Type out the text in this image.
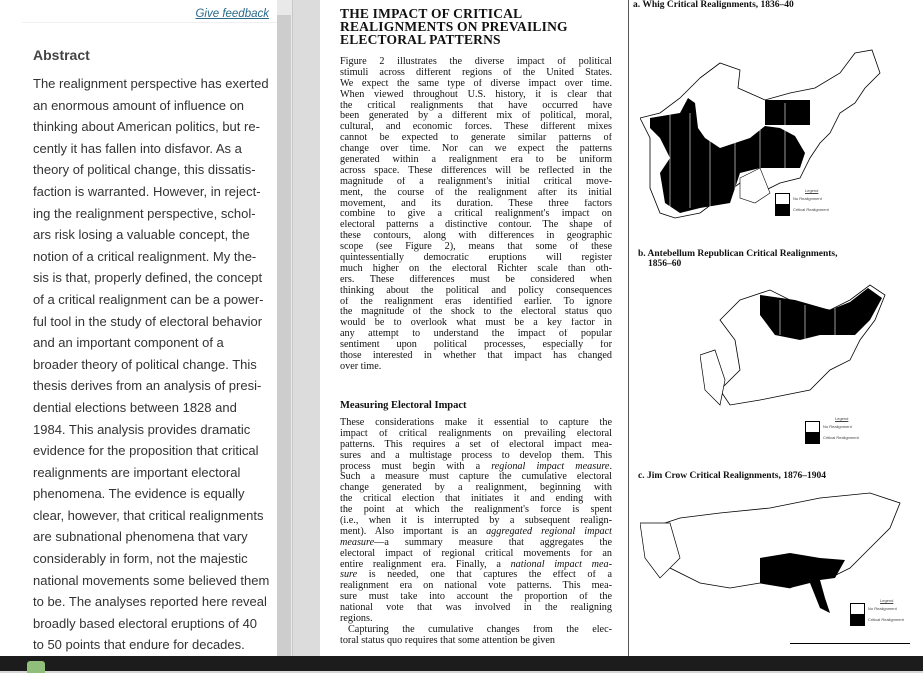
Give feedback
Abstract
The realignment perspective has exerted
an enormous amount of influence on
thinking about American politics, but re-
cently it has fallen into disfavor. As a
theory of political change, this dissatis-
faction is warranted. However, in reject-
ing the realignment perspective, schol-
ars risk losing a valuable concept, the
notion of a critical realignment. My the-
sis is that, properly defined, the concept
of a critical realignment can be a power-
ful tool in the study of electoral behavior
and an important component of a
broader theory of political change. This
thesis derives from an analysis of presi-
dential elections between 1828 and
1984. This analysis provides dramatic
evidence for the proposition that critical
realignments are important electoral
phenomena. The evidence is equally
clear, however, that critical realignments
are subnational phenomena that vary
considerably in form, not the majestic
national movements some believed them
to be. The analyses reported here reveal
broadly based electoral eruptions of 40
to 50 points that endure for decades.
THE IMPACT OF CRITICAL
REALIGNMENTS ON PREVAILING
ELECTORAL PATTERNS
Figure 2 illustrates the diverse impact of political
stimuli across different regions of the United States.
We expect the same type of diverse impact over time.
When viewed throughout U.S. history, it is clear that
the critical realignments that have occurred have
been generated by a different mix of political, moral,
cultural, and economic forces. These different mixes
cannot be expected to generate similar patterns of
change over time. Nor can we expect the patterns
generated within a realignment era to be uniform
across space. These differences will be reflected in the
magnitude of a realignment's initial critical move-
ment, the course of the realignment after its initial
movement, and its duration. These three factors
combine to give a critical realignment's impact on
electoral patterns a distinctive contour. The shape of
these contours, along with differences in geographic
scope (see Figure 2), means that some of these
quintessentially democratic eruptions will register
much higher on the electoral Richter scale than oth-
ers. These differences must be considered when
thinking about the political and policy consequences
of the realignment eras identified earlier. To ignore
the magnitude of the shock to the electoral status quo
would be to overlook what must be a key factor in
any attempt to understand the impact of popular
sentiment upon political processes, especially for
those interested in whether that impact has changed
over time.
Measuring Electoral Impact
These considerations make it essential to capture the
impact of critical realignments on prevailing electoral
patterns. This requires a set of electoral impact mea-
sures and a multistage process to develop them. This
process must begin with a regional impact measure.
Such a measure must capture the cumulative electoral
change generated by a realignment, beginning with
the critical election that initiates it and ending with
the point at which the realignment's force is spent
(i.e., when it is interrupted by a subsequent realign-
ment). Also important is an aggregated regional impact
measure—a summary measure that aggregates the
electoral impact of regional critical movements for an
entire realignment era. Finally, a national impact mea-
sure is needed, one that captures the effect of a
realignment era on national vote patterns. This mea-
sure must take into account the proportion of the
national vote that was involved in the realigning
regions.
Capturing the cumulative changes from the elec-
toral status quo requires that some attention be given
a. Whig Critical Realignments, 1836–40
Legend
No Realignment
Critical Realignment
b. Antebellum Republican Critical Realignments,
1856–60
Legend
No Realignment
Critical Realignment
c. Jim Crow Critical Realignments, 1876–1904
Legend
No Realignment
Critical Realignment
